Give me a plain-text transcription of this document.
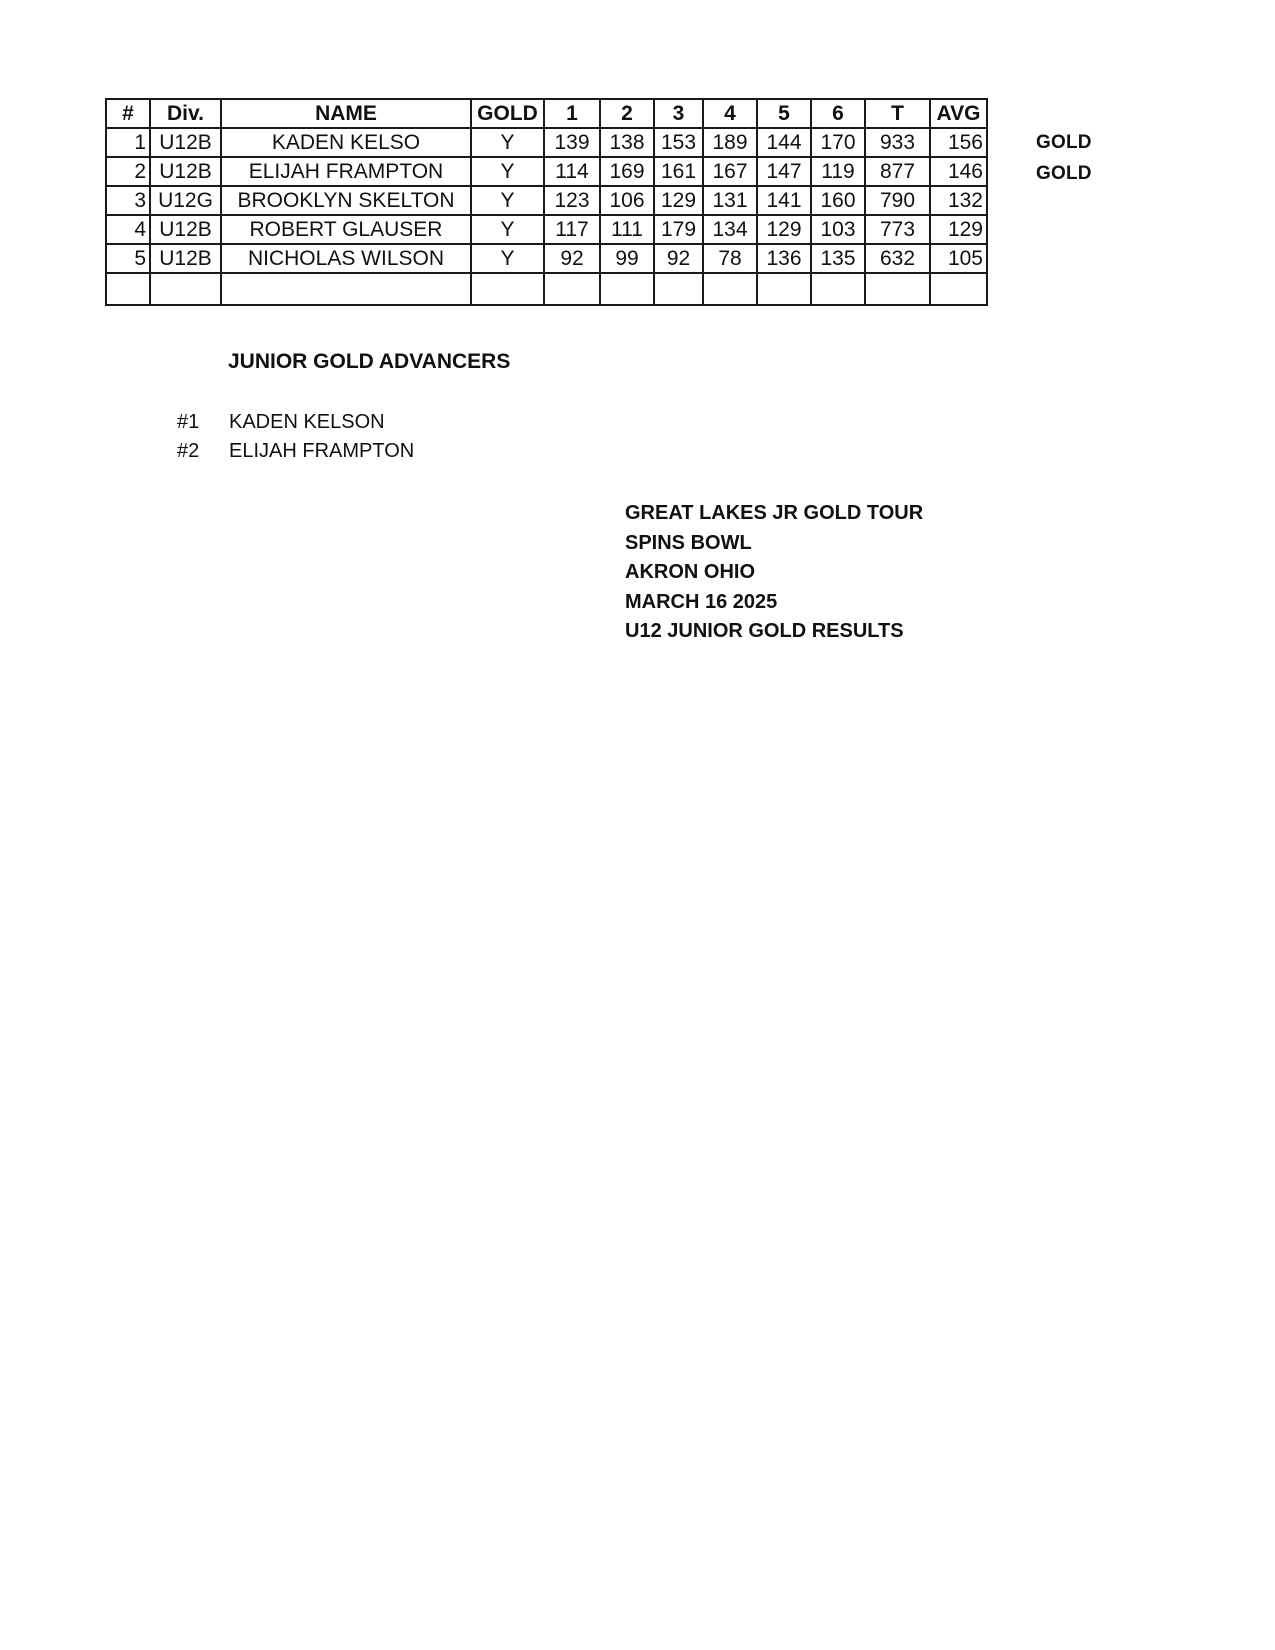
#	Div.	NAME	GOLD	1	2	3	4	5	6	T	AVG
1	U12B	KADEN KELSO	Y	139	138	153	189	144	170	933	156
2	U12B	ELIJAH FRAMPTON	Y	114	169	161	167	147	119	877	146
3	U12G	BROOKLYN SKELTON	Y	123	106	129	131	141	160	790	132
4	U12B	ROBERT GLAUSER	Y	117	111	179	134	129	103	773	129
5	U12B	NICHOLAS WILSON	Y	92	99	92	78	136	135	632	105

GOLD
GOLD
JUNIOR GOLD ADVANCERS
#1 KADEN KELSON
#2 ELIJAH FRAMPTON
GREAT LAKES JR GOLD TOUR
SPINS BOWL
AKRON OHIO
MARCH 16 2025
U12 JUNIOR GOLD RESULTS
